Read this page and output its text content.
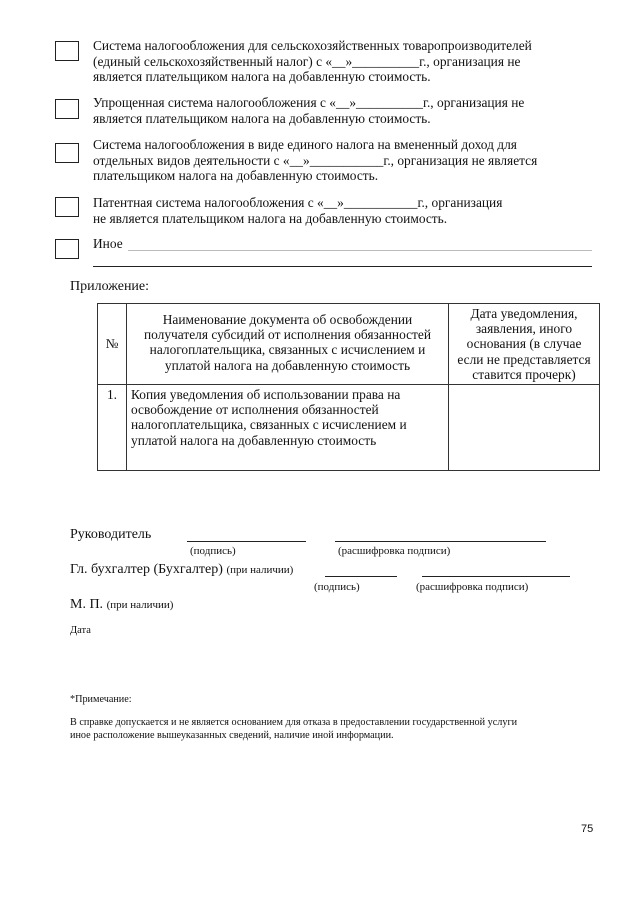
Система налогообложения для сельскохозяйственных товаропроизводителей
(единый сельскохозяйственный налог) с «__»__________г., организация не
является плательщиком налога на добавленную стоимость.
Упрощенная система налогообложения с «__»__________г., организация не
является плательщиком налога на добавленную стоимость.
Система налогообложения в виде единого налога на вмененный доход для
отдельных видов деятельности с «__»___________г., организация не является
плательщиком налога на добавленную стоимость.
Патентная система налогообложения с «__»___________г., организация
не является плательщиком налога на добавленную стоимость.
Иное
Приложение:
№	Наименование документа об освобождении получателя субсидий от исполнения обязанностей налогоплательщика, связанных с исчислением и уплатой налога на добавленную стоимость	Дата уведомления, заявления, иного основания (в случае если не представляется ставится прочерк)
1.	Копия уведомления об использовании права на освобождение от исполнения обязанностей налогоплательщика, связанных с исчислением и уплатой налога на добавленную стоимость	
Руководитель
(подпись)	(расшифровка подписи)
Гл. бухгалтер (Бухгалтер) (при наличии)
(подпись)	(расшифровка подписи)
М. П. (при наличии)
Дата
*Примечание:
В справке допускается и не является основанием для отказа в предоставлении государственной услуги
иное расположение вышеуказанных сведений, наличие иной информации.
75
